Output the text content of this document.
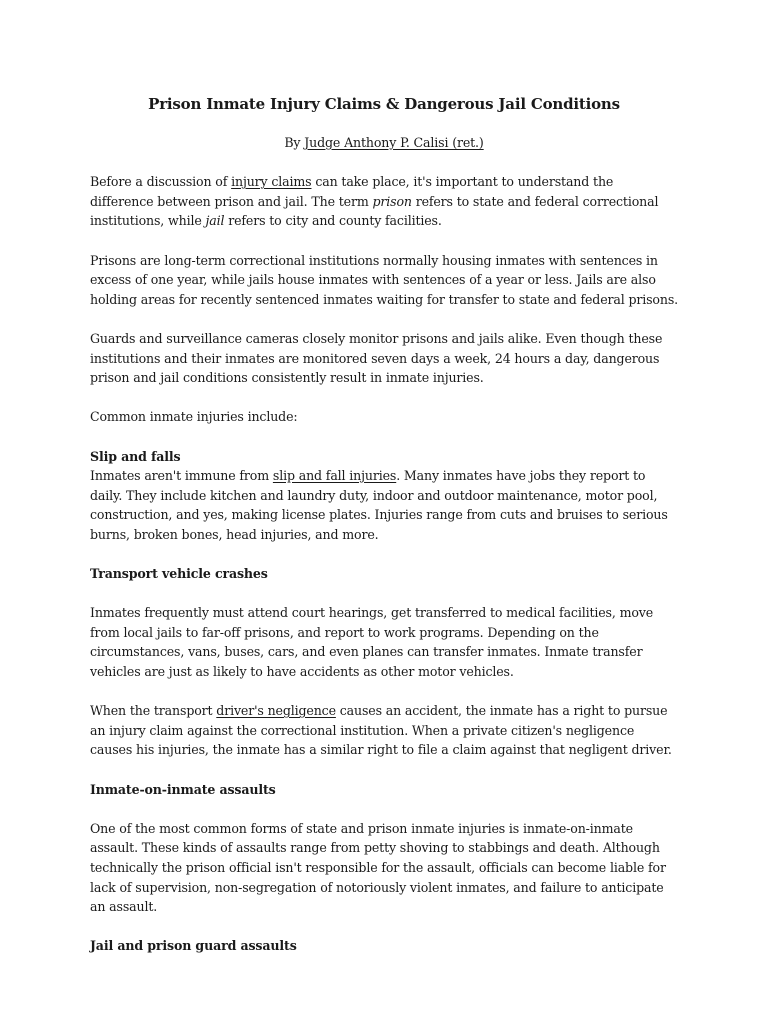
Prison Inmate Injury Claims & Dangerous Jail Conditions
By Judge Anthony P. Calisi (ret.)

Before a discussion of injury claims can take place, it's important to understand the difference between prison and jail. The term prison refers to state and federal correctional institutions, while jail refers to city and county facilities.

Prisons are long-term correctional institutions normally housing inmates with sentences in excess of one year, while jails house inmates with sentences of a year or less. Jails are also holding areas for recently sentenced inmates waiting for transfer to state and federal prisons.

Guards and surveillance cameras closely monitor prisons and jails alike. Even though these institutions and their inmates are monitored seven days a week, 24 hours a day, dangerous prison and jail conditions consistently result in inmate injuries.

Common inmate injuries include:

Slip and falls

Inmates aren't immune from slip and fall injuries. Many inmates have jobs they report to daily. They include kitchen and laundry duty, indoor and outdoor maintenance, motor pool, construction, and yes, making license plates. Injuries range from cuts and bruises to serious burns, broken bones, head injuries, and more.

Transport vehicle crashes

Inmates frequently must attend court hearings, get transferred to medical facilities, move from local jails to far-off prisons, and report to work programs. Depending on the circumstances, vans, buses, cars, and even planes can transfer inmates. Inmate transfer vehicles are just as likely to have accidents as other motor vehicles.

When the transport driver's negligence causes an accident, the inmate has a right to pursue an injury claim against the correctional institution. When a private citizen's negligence causes his injuries, the inmate has a similar right to file a claim against that negligent driver.

Inmate-on-inmate assaults

One of the most common forms of state and prison inmate injuries is inmate-on-inmate assault. These kinds of assaults range from petty shoving to stabbings and death. Although technically the prison official isn't responsible for the assault, officials can become liable for lack of supervision, non-segregation of notoriously violent inmates, and failure to anticipate an assault.

Jail and prison guard assaults
